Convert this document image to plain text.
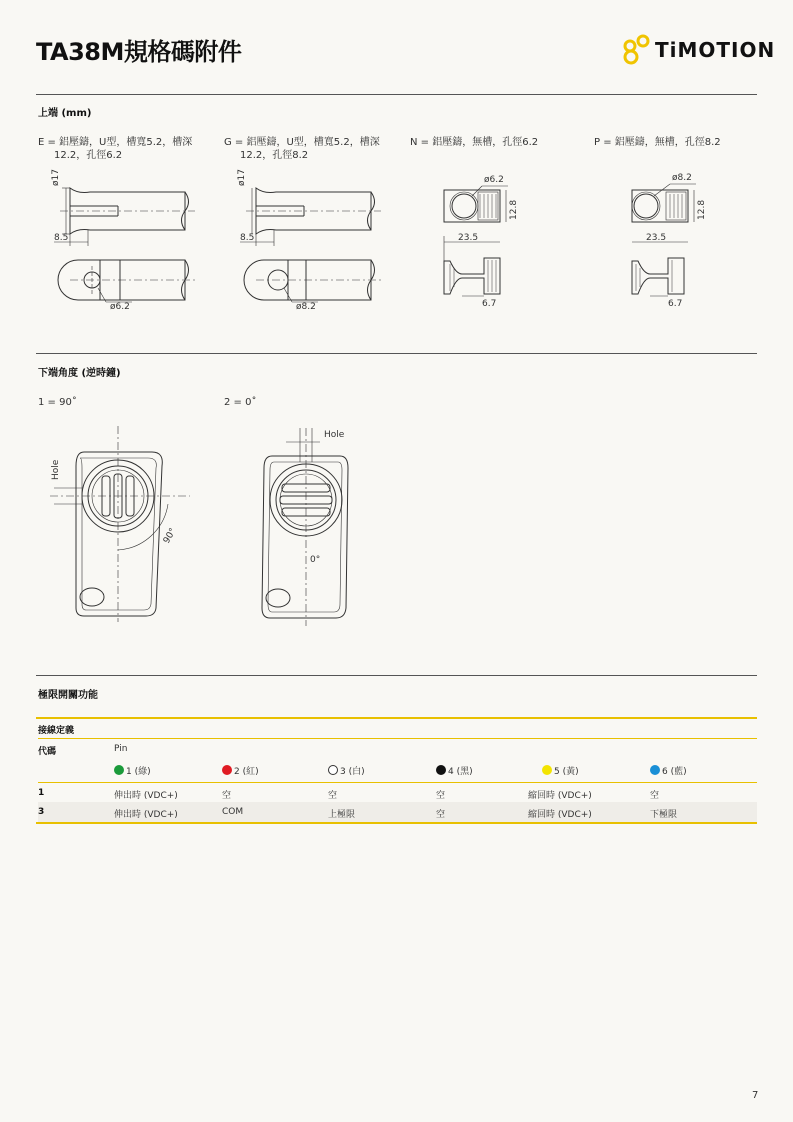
TA38M規格碼附件	TiMOTION
上端 (mm)
E = 鋁壓鑄，U型，槽寬5.2，槽深
12.2，孔徑6.2
G = 鋁壓鑄，U型，槽寬5.2，槽深
12.2，孔徑8.2
N = 鋁壓鑄，無槽，孔徑6.2	P = 鋁壓鑄，無槽，孔徑8.2
ø17
8.5
ø6.2
ø17
8.5
ø8.2
ø6.2
12.8
23.5
6.7
ø8.2
12.8
23.5
6.7
下端角度 (逆時鐘)
1 = 90˚	2 = 0˚
Hole
90°
Hole
0°
極限開關功能
接線定義
代碼	Pin
1 (綠)	2 (紅)	3 (白)	4 (黑)	5 (黃)	6 (藍)
1	伸出時 (VDC+)	空	空	空	縮回時 (VDC+)	空
3	伸出時 (VDC+)	COM	上極限	空	縮回時 (VDC+)	下極限
7
